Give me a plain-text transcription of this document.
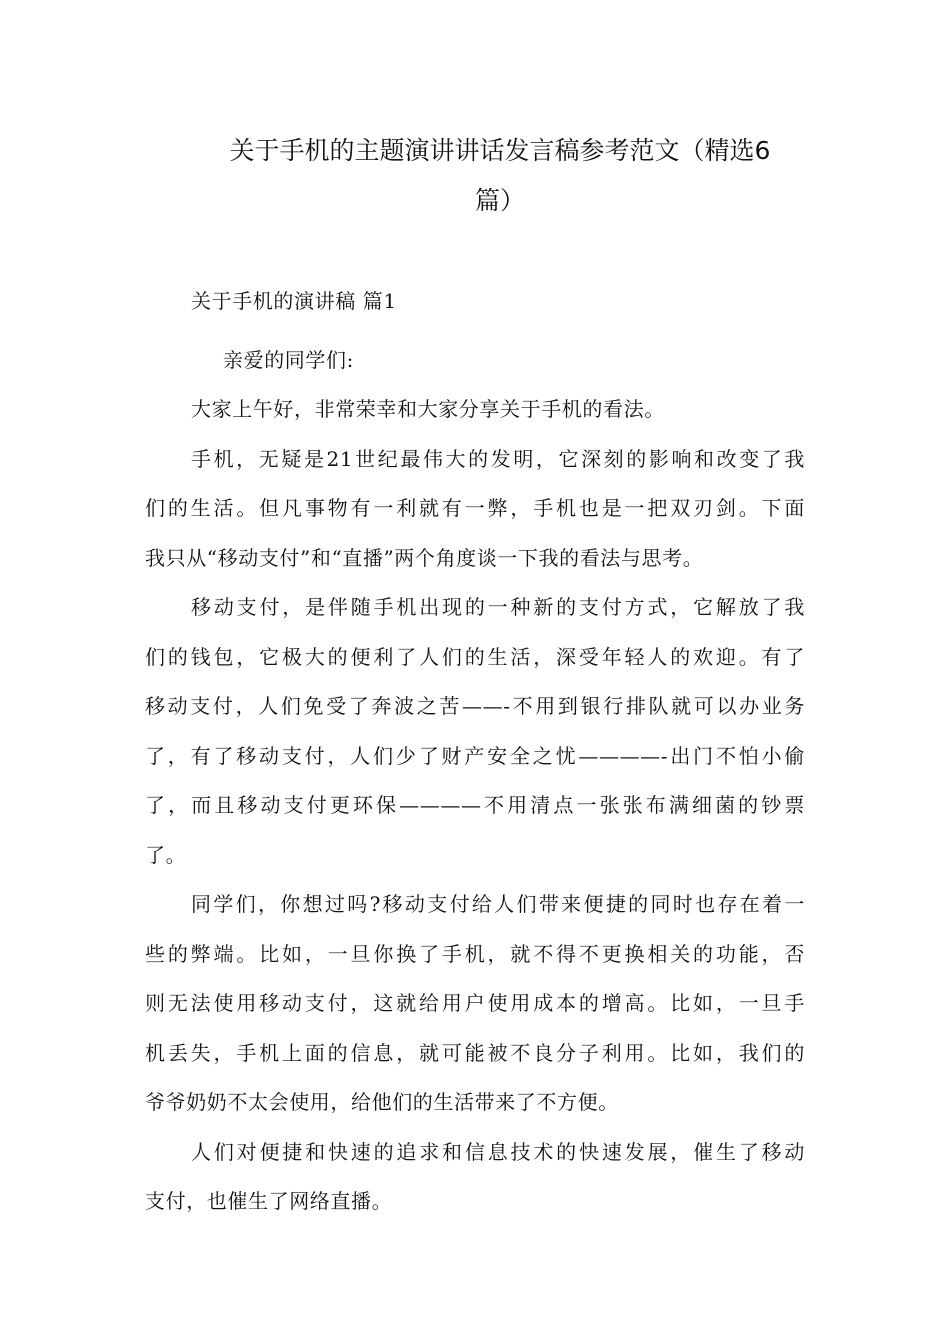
关于手机的主题演讲讲话发言稿参考范文（精选6
篇）
关于手机的演讲稿 篇1
亲爱的同学们:
大家上午好，非常荣幸和大家分享关于手机的看法。
手机，无疑是21世纪最伟大的发明，它深刻的影响和改变了我
们的生活。但凡事物有一利就有一弊，手机也是一把双刃剑。下面
我只从“移动支付”和“直播”两个角度谈一下我的看法与思考。
移动支付，是伴随手机出现的一种新的支付方式，它解放了我
们的钱包，它极大的便利了人们的生活，深受年轻人的欢迎。有了
移动支付，人们免受了奔波之苦——-不用到银行排队就可以办业务
了，有了移动支付，人们少了财产安全之忧————-出门不怕小偷
了，而且移动支付更环保————不用清点一张张布满细菌的钞票
了。
同学们，你想过吗?移动支付给人们带来便捷的同时也存在着一
些的弊端。比如，一旦你换了手机，就不得不更换相关的功能，否
则无法使用移动支付，这就给用户使用成本的增高。比如，一旦手
机丢失，手机上面的信息，就可能被不良分子利用。比如，我们的
爷爷奶奶不太会使用，给他们的生活带来了不方便。
人们对便捷和快速的追求和信息技术的快速发展，催生了移动
支付，也催生了网络直播。
